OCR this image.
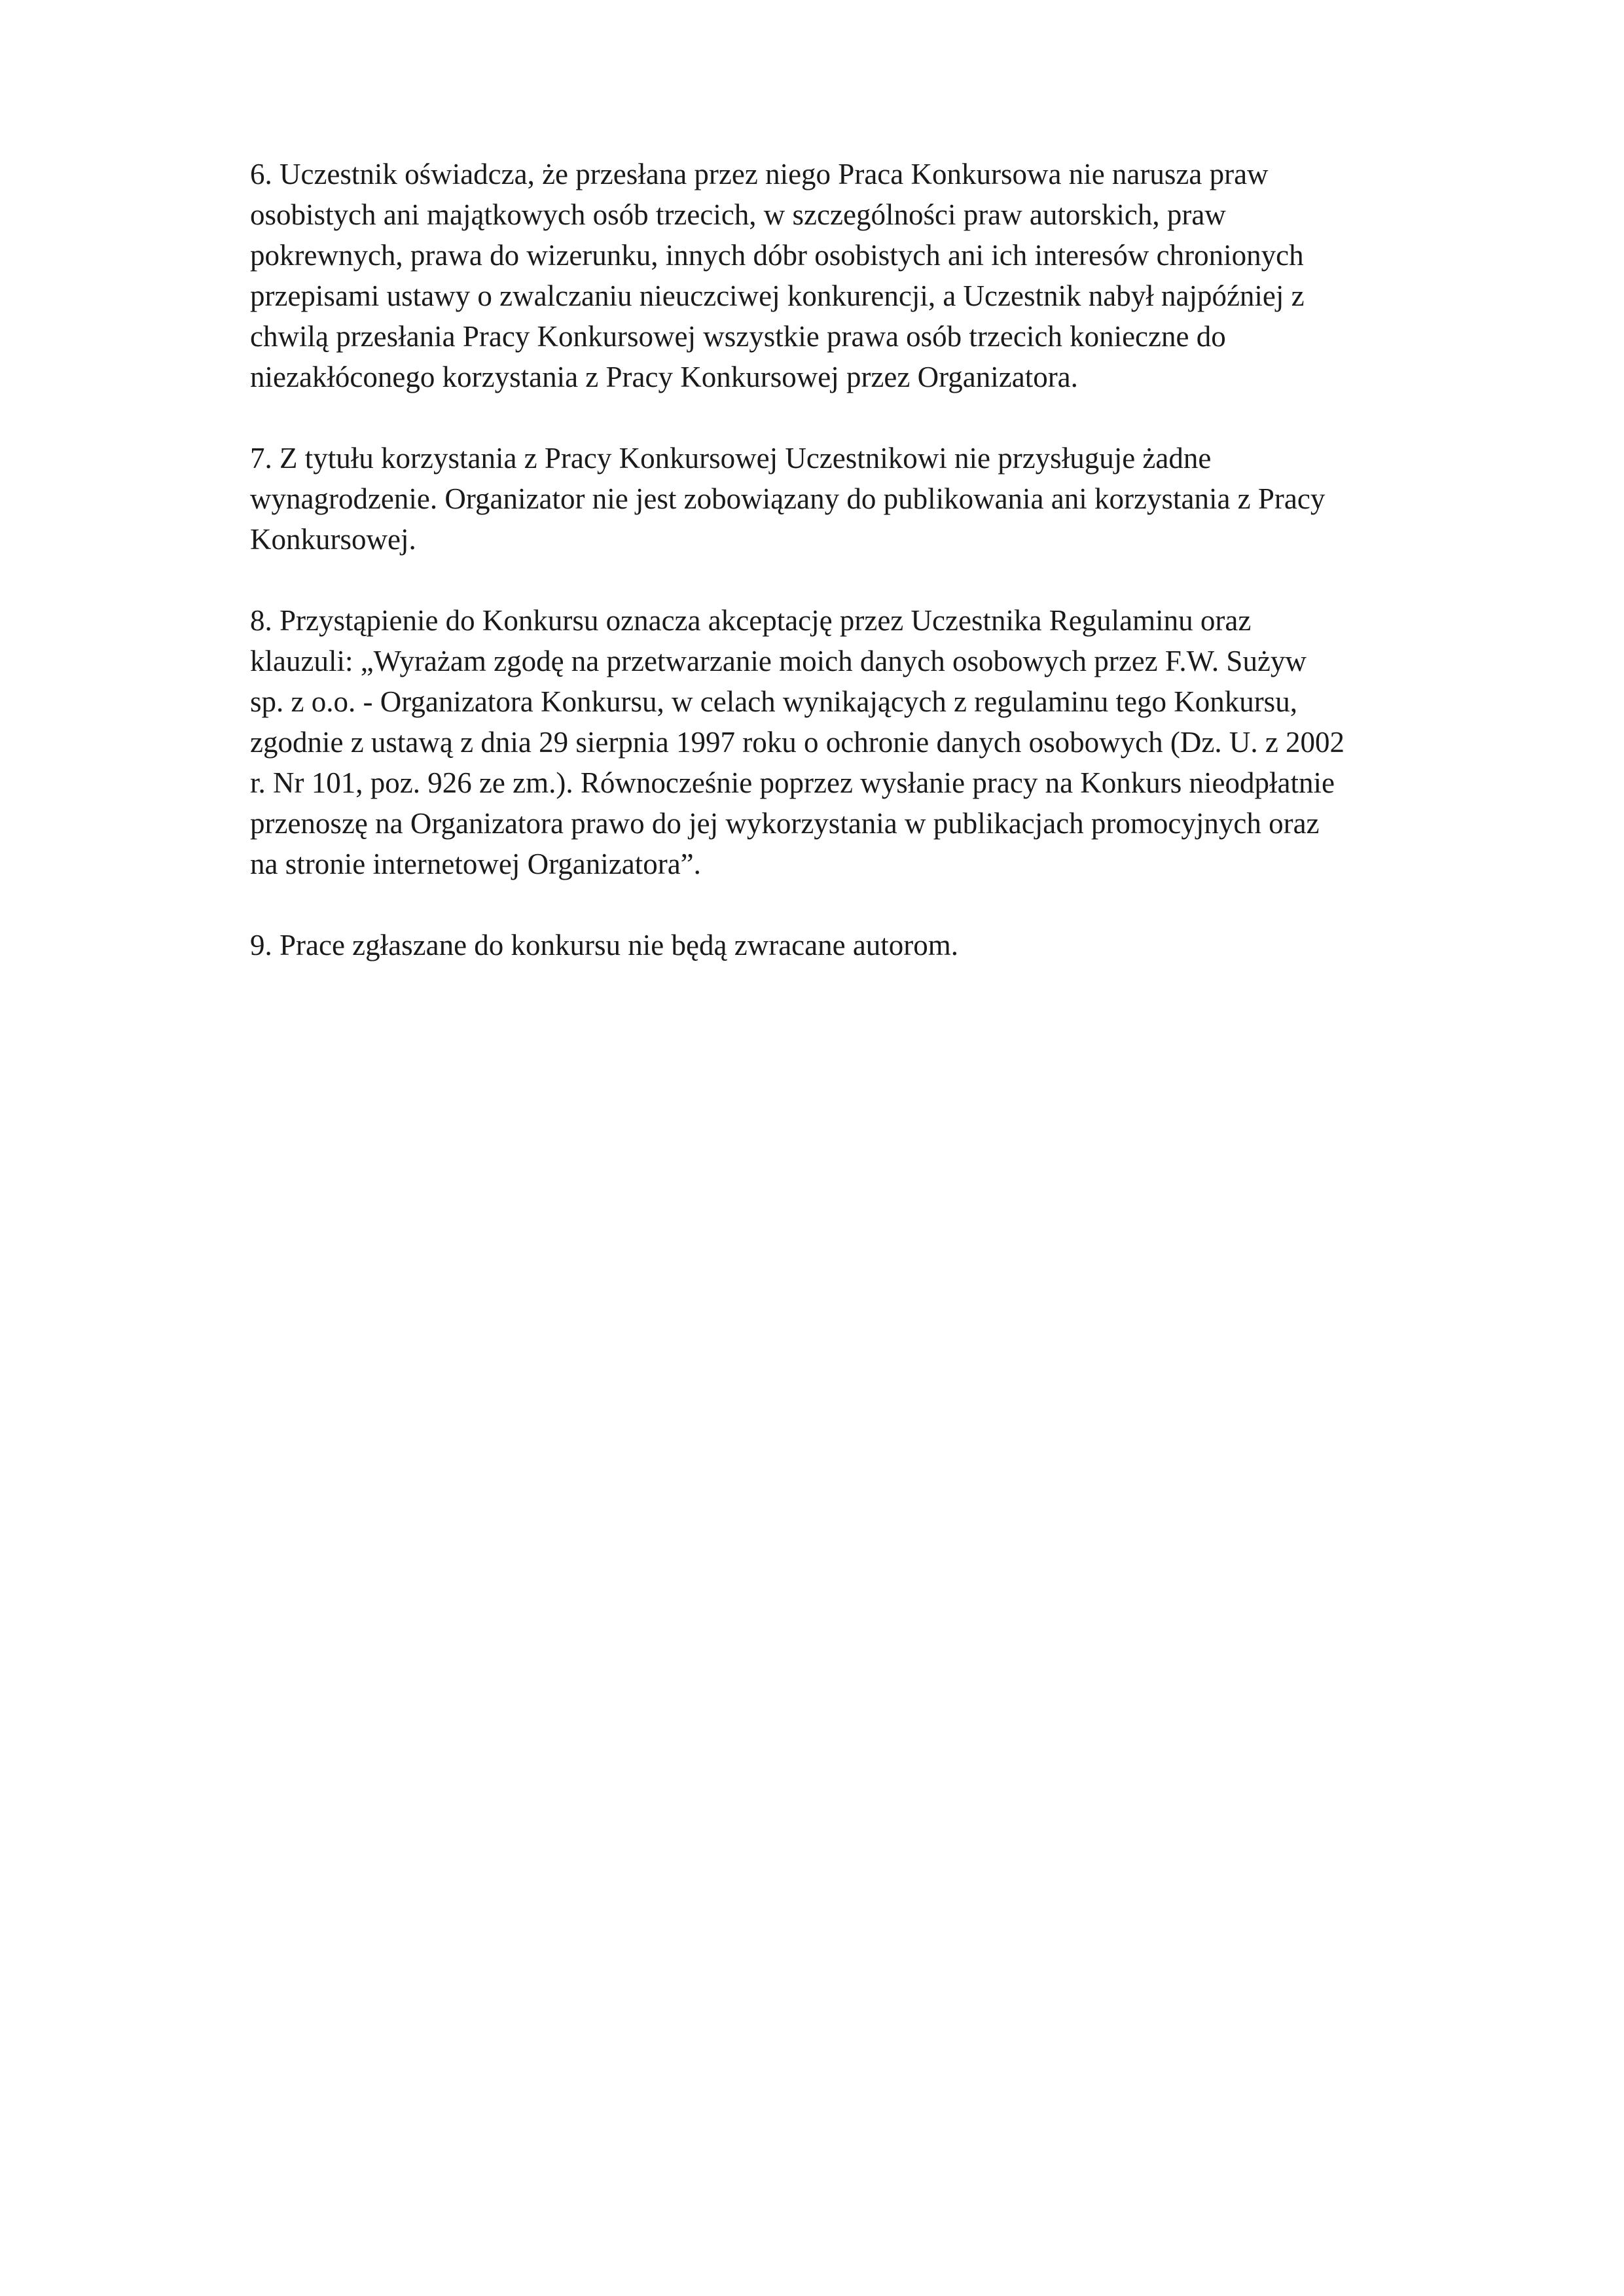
6. Uczestnik oświadcza, że przesłana przez niego Praca Konkursowa nie narusza praw
osobistych ani majątkowych osób trzecich, w szczególności praw autorskich, praw
pokrewnych, prawa do wizerunku, innych dóbr osobistych ani ich interesów chronionych
przepisami ustawy o zwalczaniu nieuczciwej konkurencji, a Uczestnik nabył najpóźniej z
chwilą przesłania Pracy Konkursowej wszystkie prawa osób trzecich konieczne do
niezakłóconego korzystania z Pracy Konkursowej przez Organizatora.
7. Z tytułu korzystania z Pracy Konkursowej Uczestnikowi nie przysługuje żadne
wynagrodzenie. Organizator nie jest zobowiązany do publikowania ani korzystania z Pracy
Konkursowej.
8. Przystąpienie do Konkursu oznacza akceptację przez Uczestnika Regulaminu oraz
klauzuli: „Wyrażam zgodę na przetwarzanie moich danych osobowych przez F.W. Sużyw
sp. z o.o. - Organizatora Konkursu, w celach wynikających z regulaminu tego Konkursu,
zgodnie z ustawą z dnia 29 sierpnia 1997 roku o ochronie danych osobowych (Dz. U. z 2002
r. Nr 101, poz. 926 ze zm.). Równocześnie poprzez wysłanie pracy na Konkurs nieodpłatnie
przenoszę na Organizatora prawo do jej wykorzystania w publikacjach promocyjnych oraz
na stronie internetowej Organizatora”.
9. Prace zgłaszane do konkursu nie będą zwracane autorom.
